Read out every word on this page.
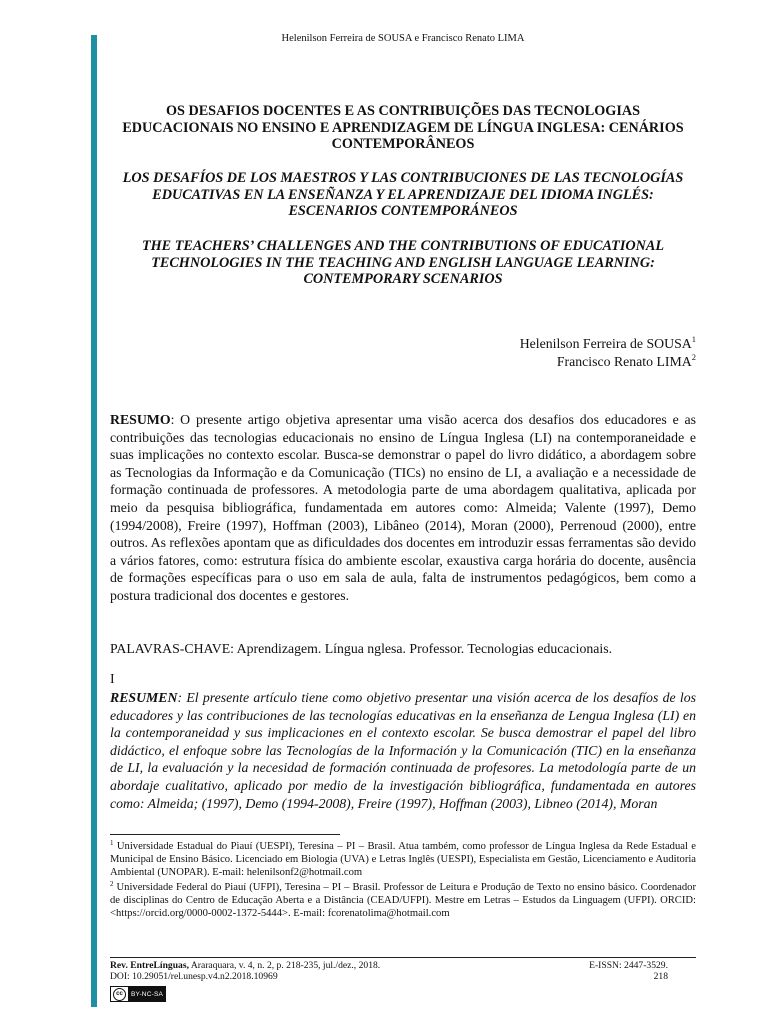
Helenilson Ferreira de SOUSA e Francisco Renato LIMA
OS DESAFIOS DOCENTES E AS CONTRIBUIÇÕES DAS TECNOLOGIAS EDUCACIONAIS NO ENSINO E APRENDIZAGEM DE LÍNGUA INGLESA: CENÁRIOS CONTEMPORÂNEOS
LOS DESAFÍOS DE LOS MAESTROS Y LAS CONTRIBUCIONES DE LAS TECNOLOGÍAS EDUCATIVAS EN LA ENSEÑANZA Y EL APRENDIZAJE DEL IDIOMA INGLÉS: ESCENARIOS CONTEMPORÁNEOS
THE TEACHERS’ CHALLENGES AND THE CONTRIBUTIONS OF EDUCATIONAL TECHNOLOGIES IN THE TEACHING AND ENGLISH LANGUAGE LEARNING: CONTEMPORARY SCENARIOS
Helenilson Ferreira de SOUSA$^1$
Francisco Renato LIMA$^2$
RESUMO: O presente artigo objetiva apresentar uma visão acerca dos desafios dos educadores e as contribuições das tecnologias educacionais no ensino de Língua Inglesa (LI) na contemporaneidade e suas implicações no contexto escolar. Busca-se demonstrar o papel do livro didático, a abordagem sobre as Tecnologias da Informação e da Comunicação (TICs) no ensino de LI, a avaliação e a necessidade de formação continuada de professores. A metodologia parte de uma abordagem qualitativa, aplicada por meio da pesquisa bibliográfica, fundamentada em autores como: Almeida; Valente (1997), Demo (1994/2008), Freire (1997), Hoffman (2003), Libâneo (2014), Moran (2000), Perrenoud (2000), entre outros. As reflexões apontam que as dificuldades dos docentes em introduzir essas ferramentas são devido a vários fatores, como: estrutura física do ambiente escolar, exaustiva carga horária do docente, ausência de formações específicas para o uso em sala de aula, falta de instrumentos pedagógicos, bem como a postura tradicional dos docentes e gestores.
PALAVRAS-CHAVE: Aprendizagem. Língua nglesa. Professor. Tecnologias educacionais.
I
RESUMEN: El presente artículo tiene como objetivo presentar una visión acerca de los desafíos de los educadores y las contribuciones de las tecnologías educativas en la enseñanza de Lengua Inglesa (LI) en la contemporaneidad y sus implicaciones en el contexto escolar. Se busca demostrar el papel del libro didáctico, el enfoque sobre las Tecnologías de la Información y la Comunicación (TIC) en la enseñanza de LI, la evaluación y la necesidad de formación continuada de profesores. La metodología parte de un abordaje cualitativo, aplicado por medio de la investigación bibliográfica, fundamentada en autores como: Almeida; (1997), Demo (1994-2008), Freire (1997), Hoffman (2003), Libneo (2014), Moran

$^1$ Universidade Estadual do Piauí (UESPI), Teresina – PI – Brasil. Atua também, como professor de Língua Inglesa da Rede Estadual e Municipal de Ensino Básico. Licenciado em Biologia (UVA) e Letras Inglês (UESPI), Especialista em Gestão, Licenciamento e Auditoria Ambiental (UNOPAR). E-mail: helenilsonf2@hotmail.com

$^2$ Universidade Federal do Piauí (UFPI), Teresina – PI – Brasil. Professor de Leitura e Produção de Texto no ensino básico. Coordenador de disciplinas do Centro de Educação Aberta e a Distância (CEAD/UFPI). Mestre em Letras – Estudos da Linguagem (UFPI). ORCID: <https://orcid.org/0000-0002-1372-5444>. E-mail: fcorenatolima@hotmail.com

Rev. EntreLínguas, Araraquara, v. 4, n. 2, p. 218-235, jul./dez., 2018.	E-ISSN: 2447-3529.
DOI: 10.29051/rel.unesp.v4.n2.2018.10969	218
cc	BY-NC-SA
